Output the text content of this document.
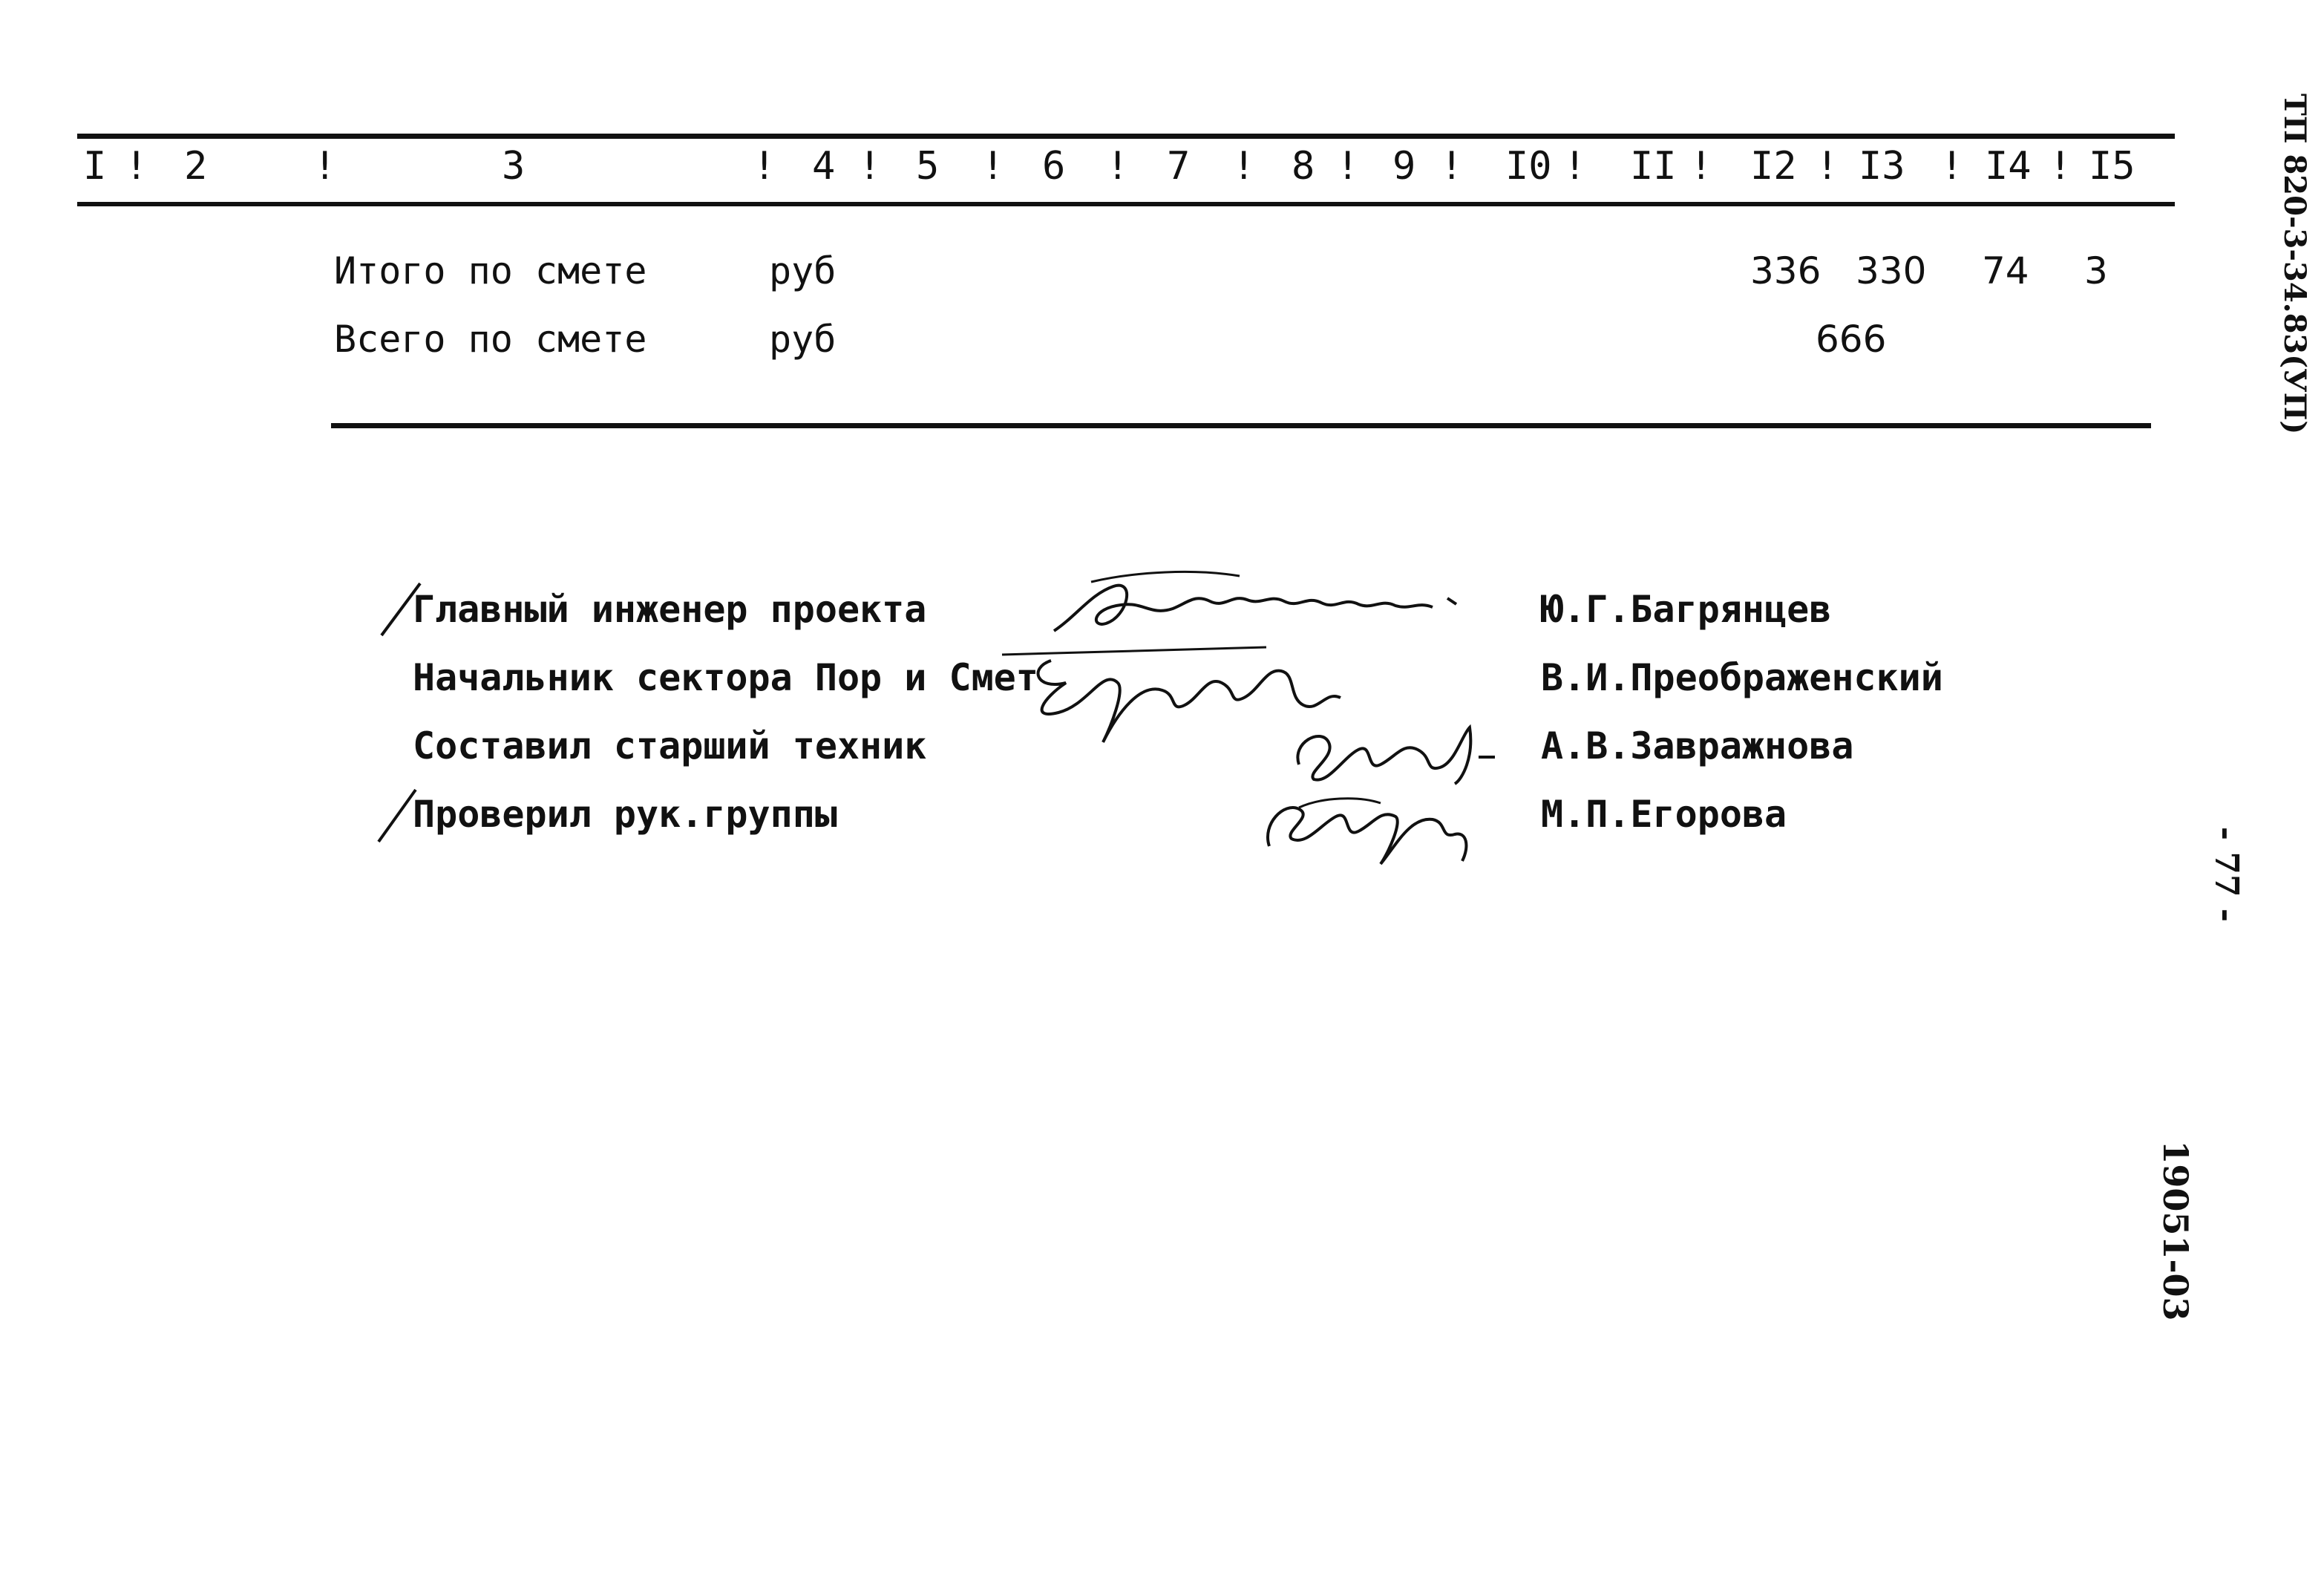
I ! 2	!	3	! 4 ! 5 ! 6 ! 7 ! 8 ! 9 ! I0 ! II ! I2 ! I3 ! I4 ! I5
Итого по смете	руб	336 330 74 3
Всего по смете	руб	666
Главный инженер проекта	Ю.Г.Багрянцев
Начальник сектора Пор и Смет	В.И.Преображенский
Составил старший техник	А.В.Завражнова
Проверил рук.группы	М.П.Егорова
ТП 820-3-34.83(УП)
- 77 -
19051-03
